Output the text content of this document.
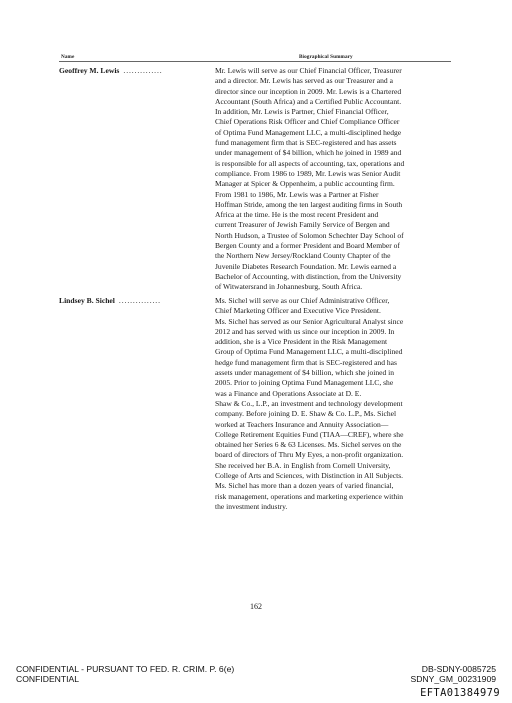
Name	Biographical Summary
Geoffrey M. Lewis ..............	Mr. Lewis will serve as our Chief Financial Officer, Treasurer
and a director. Mr. Lewis has served as our Treasurer and a
director since our inception in 2009. Mr. Lewis is a Chartered
Accountant (South Africa) and a Certified Public Accountant.
In addition, Mr. Lewis is Partner, Chief Financial Officer,
Chief Operations Risk Officer and Chief Compliance Officer
of Optima Fund Management LLC, a multi-disciplined hedge
fund management firm that is SEC-registered and has assets
under management of $4 billion, which he joined in 1989 and
is responsible for all aspects of accounting, tax, operations and
compliance. From 1986 to 1989, Mr. Lewis was Senior Audit
Manager at Spicer & Oppenheim, a public accounting firm.
From 1981 to 1986, Mr. Lewis was a Partner at Fisher
Hoffman Stride, among the ten largest auditing firms in South
Africa at the time. He is the most recent President and
current Treasurer of Jewish Family Service of Bergen and
North Hudson, a Trustee of Solomon Schechter Day School of
Bergen County and a former President and Board Member of
the Northern New Jersey/Rockland County Chapter of the
Juvenile Diabetes Research Foundation. Mr. Lewis earned a
Bachelor of Accounting, with distinction, from the University
of Witwatersrand in Johannesburg, South Africa.
Lindsey B. Sichel ...............	Ms. Sichel will serve as our Chief Administrative Officer,
Chief Marketing Officer and Executive Vice President.
Ms. Sichel has served as our Senior Agricultural Analyst since
2012 and has served with us since our inception in 2009. In
addition, she is a Vice President in the Risk Management
Group of Optima Fund Management LLC, a multi-disciplined
hedge fund management firm that is SEC-registered and has
assets under management of $4 billion, which she joined in
2005. Prior to joining Optima Fund Management LLC, she
was a Finance and Operations Associate at D. E.
Shaw & Co., L.P., an investment and technology development
company. Before joining D. E. Shaw & Co. L.P., Ms. Sichel
worked at Teachers Insurance and Annuity Association—
College Retirement Equities Fund (TIAA—CREF), where she
obtained her Series 6 & 63 Licenses. Ms. Sichel serves on the
board of directors of Thru My Eyes, a non-profit organization.
She received her B.A. in English from Cornell University,
College of Arts and Sciences, with Distinction in All Subjects.
Ms. Sichel has more than a dozen years of varied financial,
risk management, operations and marketing experience within
the investment industry.
162
CONFIDENTIAL - PURSUANT TO FED. R. CRIM. P. 6(e)
CONFIDENTIAL
DB-SDNY-0085725
SDNY_GM_00231909
EFTA01384979
